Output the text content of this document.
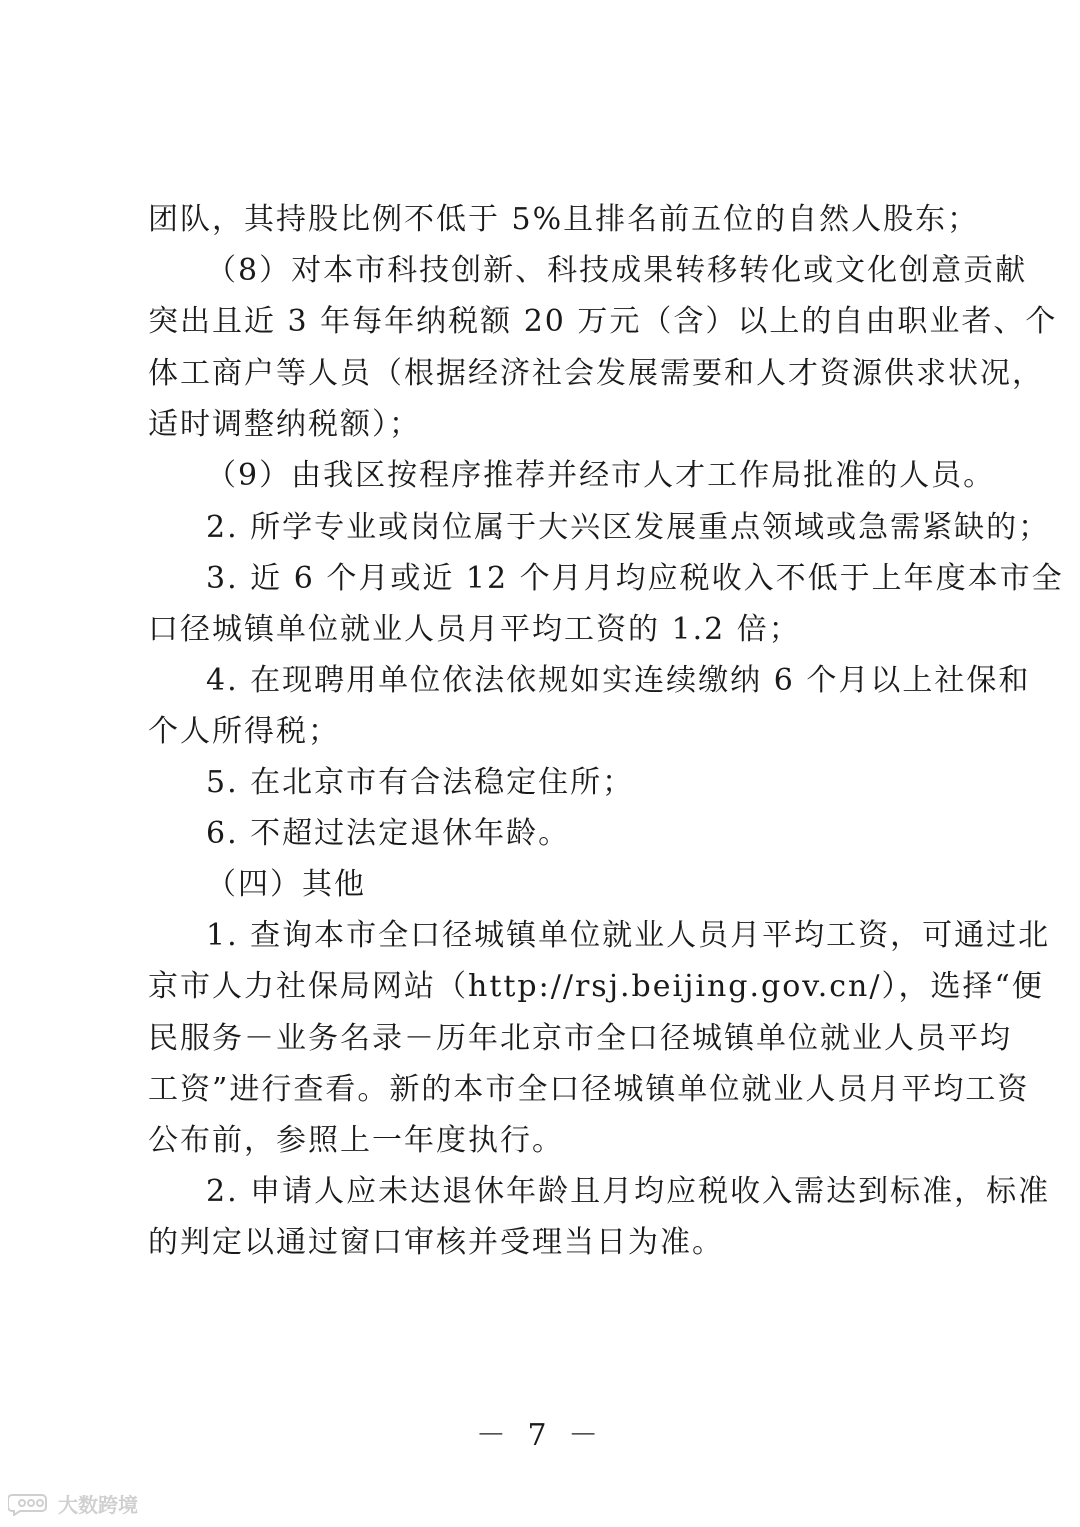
团队，其持股比例不低于 5%且排名前五位的自然人股东；
（8）对本市科技创新、科技成果转移转化或文化创意贡献
突出且近 3 年每年纳税额 20 万元（含）以上的自由职业者、个
体工商户等人员（根据经济社会发展需要和人才资源供求状况，
适时调整纳税额）；
（9）由我区按程序推荐并经市人才工作局批准的人员。
2. 所学专业或岗位属于大兴区发展重点领域或急需紧缺的；
3. 近 6 个月或近 12 个月月均应税收入不低于上年度本市全
口径城镇单位就业人员月平均工资的 1.2 倍；
4. 在现聘用单位依法依规如实连续缴纳 6 个月以上社保和
个人所得税；
5. 在北京市有合法稳定住所；
6. 不超过法定退休年龄。
（四）其他
1. 查询本市全口径城镇单位就业人员月平均工资，可通过北
京市人力社保局网站（http://rsj.beijing.gov.cn/），选择“便
民服务－业务名录－历年北京市全口径城镇单位就业人员平均
工资”进行查看。新的本市全口径城镇单位就业人员月平均工资
公布前，参照上一年度执行。
2. 申请人应未达退休年龄且月均应税收入需达到标准，标准
的判定以通过窗口审核并受理当日为准。
－ 7 －
大数跨境
